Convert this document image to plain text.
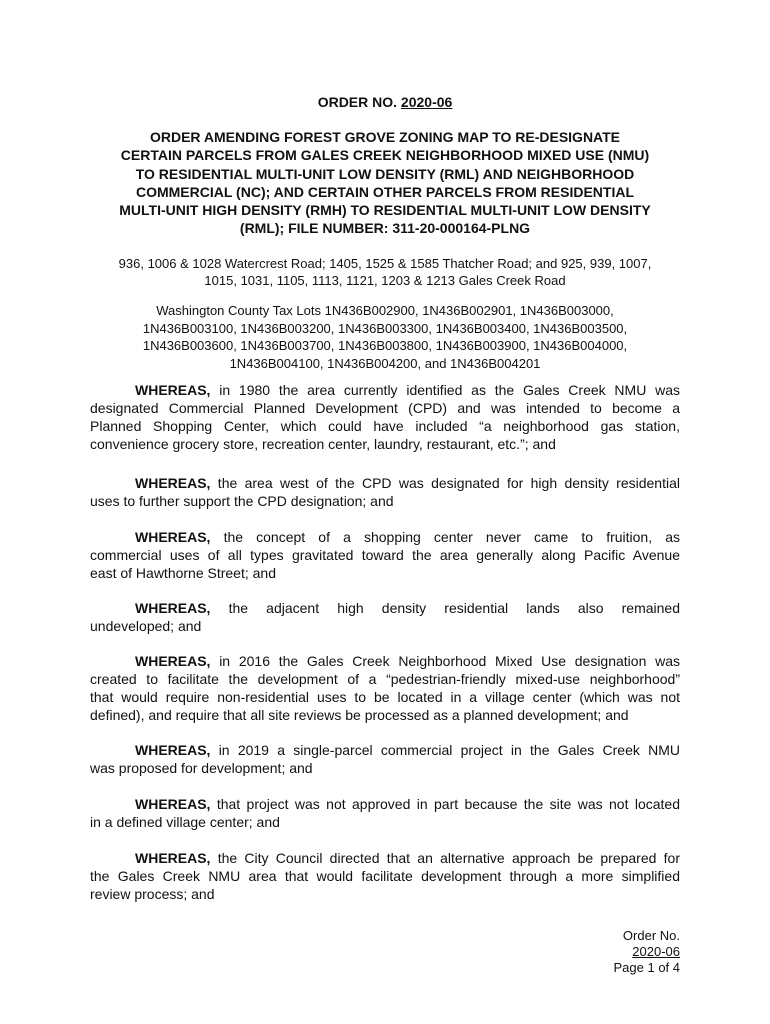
ORDER NO. 2020-06
ORDER AMENDING FOREST GROVE ZONING MAP TO RE-DESIGNATE
CERTAIN PARCELS FROM GALES CREEK NEIGHBORHOOD MIXED USE (NMU)
TO RESIDENTIAL MULTI-UNIT LOW DENSITY (RML) AND NEIGHBORHOOD
COMMERCIAL (NC); AND CERTAIN OTHER PARCELS FROM RESIDENTIAL
MULTI-UNIT HIGH DENSITY (RMH) TO RESIDENTIAL MULTI-UNIT LOW DENSITY
(RML); FILE NUMBER: 311-20-000164-PLNG
936, 1006 & 1028 Watercrest Road; 1405, 1525 & 1585 Thatcher Road; and 925, 939, 1007,
1015, 1031, 1105, 1113, 1121, 1203 & 1213 Gales Creek Road
Washington County Tax Lots 1N436B002900, 1N436B002901, 1N436B003000,
1N436B003100, 1N436B003200, 1N436B003300, 1N436B003400, 1N436B003500,
1N436B003600, 1N436B003700, 1N436B003800, 1N436B003900, 1N436B004000,
1N436B004100, 1N436B004200, and 1N436B004201
WHEREAS, in 1980 the area currently identified as the Gales Creek NMU was
designated Commercial Planned Development (CPD) and was intended to become a
Planned Shopping Center, which could have included “a neighborhood gas station,
convenience grocery store, recreation center, laundry, restaurant, etc.”; and
WHEREAS, the area west of the CPD was designated for high density residential
uses to further support the CPD designation; and
WHEREAS, the concept of a shopping center never came to fruition, as
commercial uses of all types gravitated toward the area generally along Pacific Avenue
east of Hawthorne Street; and
WHEREAS, the adjacent high density residential lands also remained
undeveloped; and
WHEREAS, in 2016 the Gales Creek Neighborhood Mixed Use designation was
created to facilitate the development of a “pedestrian-friendly mixed-use neighborhood”
that would require non-residential uses to be located in a village center (which was not
defined), and require that all site reviews be processed as a planned development; and
WHEREAS, in 2019 a single-parcel commercial project in the Gales Creek NMU
was proposed for development; and
WHEREAS, that project was not approved in part because the site was not located
in a defined village center; and
WHEREAS, the City Council directed that an alternative approach be prepared for
the Gales Creek NMU area that would facilitate development through a more simplified
review process; and
Order No.
2020-06
Page 1 of 4
